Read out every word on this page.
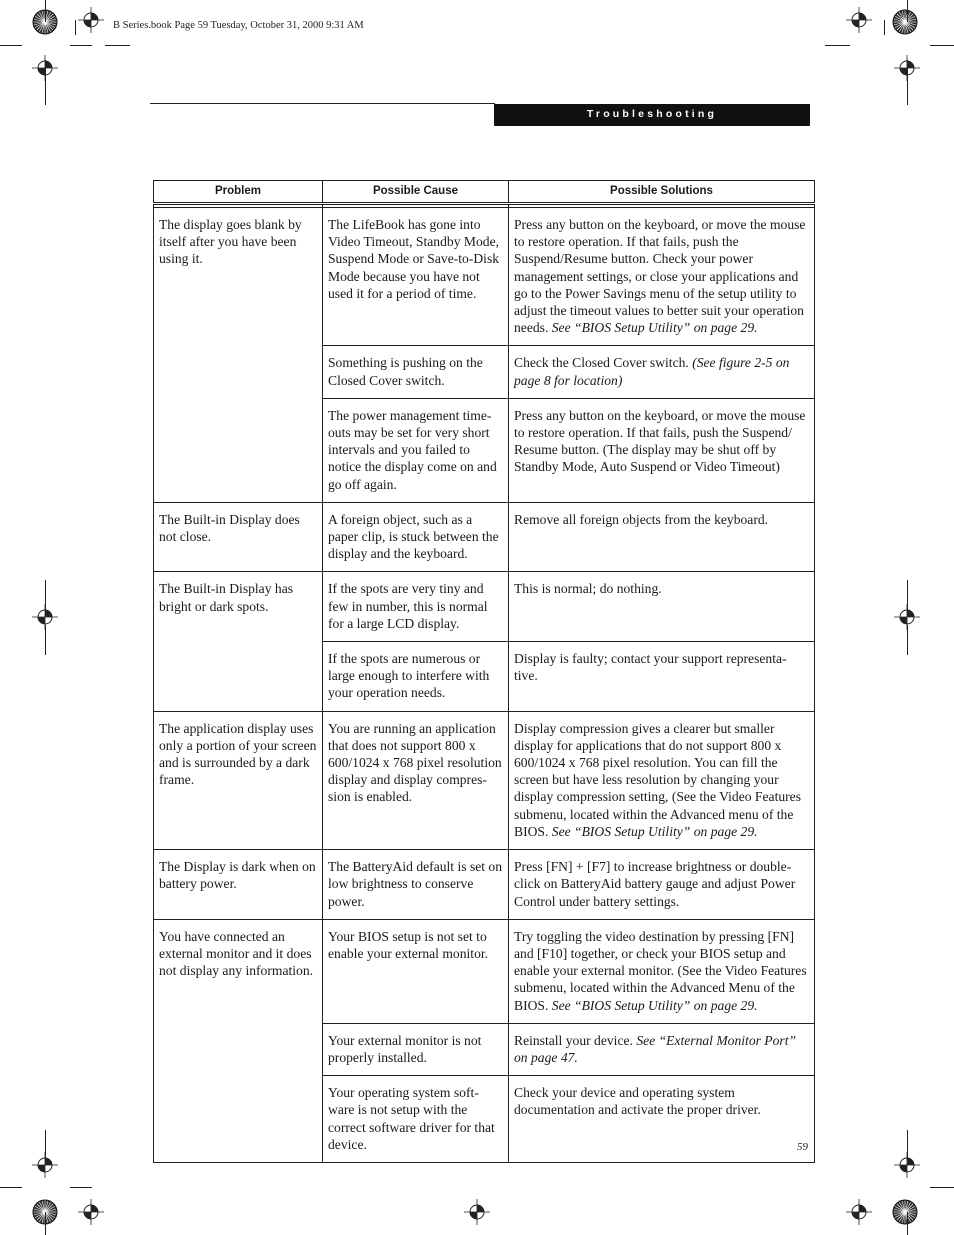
B Series.book Page 59 Tuesday, October 31, 2000 9:31 AM
Troubleshooting
Problem	Possible Cause	Possible Solutions

The display goes blank by itself after you have been using it.	The LifeBook has gone into Video Timeout, Standby Mode, Suspend Mode or Save-to-Disk Mode because you have not used it for a period of time.	Press any button on the keyboard, or move the mouse to restore operation. If that fails, push the Suspend/Resume button. Check your power management settings, or close your applications and go to the Power Savings menu of the setup utility to adjust the timeout values to better suit your operation needs. See “BIOS Setup Utility” on page 29.
	Something is pushing on the Closed Cover switch.	Check the Closed Cover switch. (See figure 2-5 on page 8 for location)
	The power management time-outs may be set for very short intervals and you failed to notice the display come on and go off again.	Press any button on the keyboard, or move the mouse to restore operation. If that fails, push the Suspend/ Resume button. (The display may be shut off by Standby Mode, Auto Suspend or Video Timeout)
The Built-in Display does not close.	A foreign object, such as a paper clip, is stuck between the display and the keyboard.	Remove all foreign objects from the keyboard.
The Built-in Display has bright or dark spots.	If the spots are very tiny and few in number, this is normal for a large LCD display.	This is normal; do nothing.
	If the spots are numerous or large enough to interfere with your operation needs.	Display is faulty; contact your support representa-tive.
The application display uses only a portion of your screen and is surrounded by a dark frame.	You are running an application that does not support 800 x 600/1024 x 768 pixel resolution display and display compres-sion is enabled.	Display compression gives a clearer but smaller display for applications that do not support 800 x 600/1024 x 768 pixel resolution. You can fill the screen but have less resolution by changing your display compression setting, (See the Video Features submenu, located within the Advanced menu of the BIOS. See “BIOS Setup Utility” on page 29.
The Display is dark when on battery power.	The BatteryAid default is set on low brightness to conserve power.	Press [FN] + [F7] to increase brightness or double-click on BatteryAid battery gauge and adjust Power Control under battery settings.
You have connected an external monitor and it does not display any information.	Your BIOS setup is not set to enable your external monitor.	Try toggling the video destination by pressing [FN] and [F10] together, or check your BIOS setup and enable your external monitor. (See the Video Features submenu, located within the Advanced Menu of the BIOS. See “BIOS Setup Utility” on page 29.
	Your external monitor is not properly installed.	Reinstall your device. See “External Monitor Port” on page 47.
	Your operating system soft-ware is not setup with the correct software driver for that device.	Check your device and operating system documentation and activate the proper driver.
59
